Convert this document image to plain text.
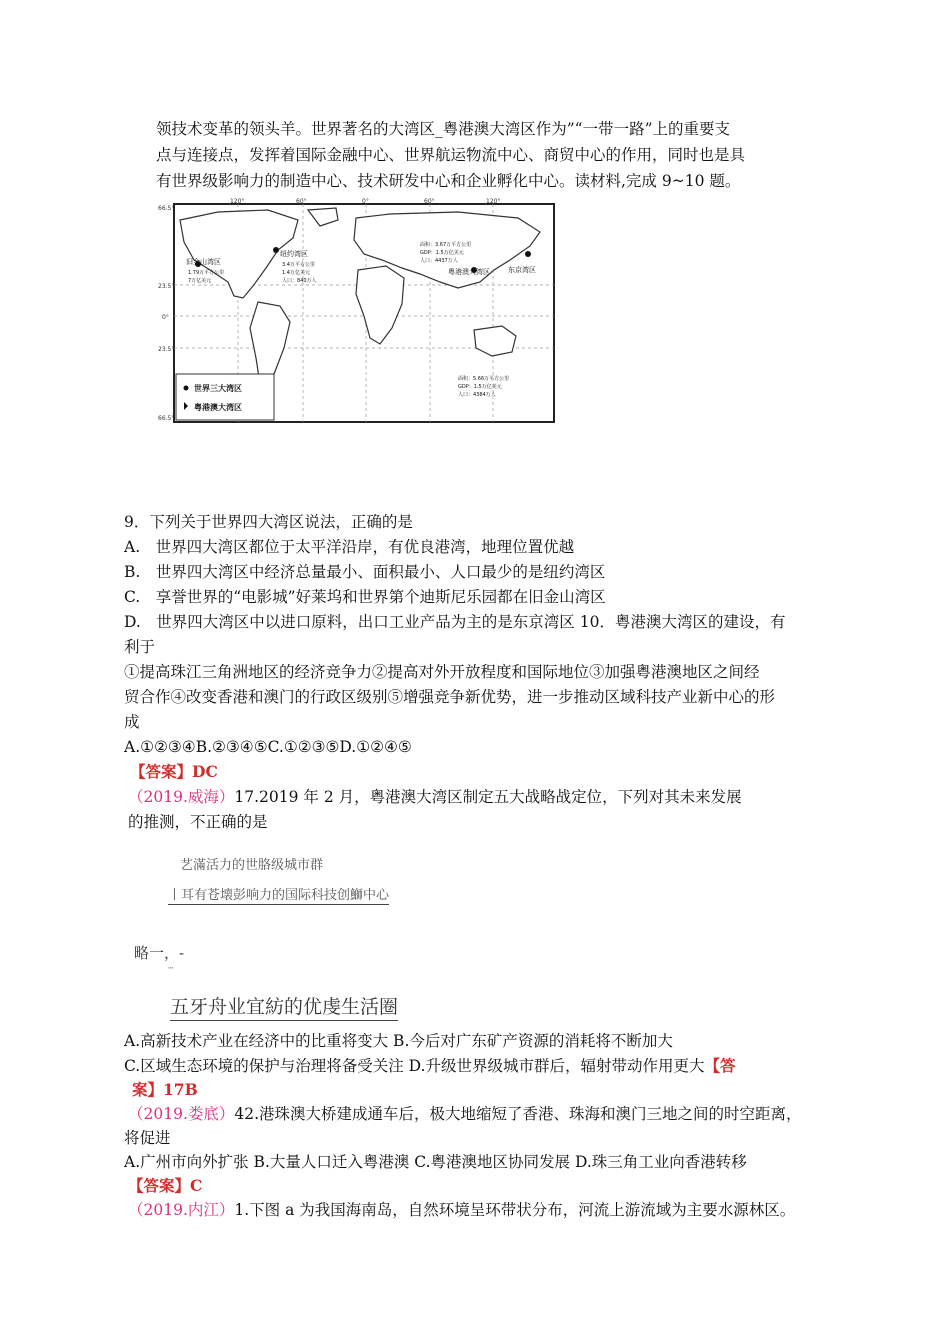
领技术变革的领头羊。世界著名的大湾区_粤港澳大湾区作为”“一带一路”上的重要支
点与连接点，发挥着国际金融中心、世界航运物流中心、商贸中心的作用，同时也是具
有世界级影响力的制造中心、技术研发中心和企业孵化中心。读材料,完成 9~10 题。
66.5°
23.5°
0°
23.5°
66.5°
120°	60°	0°	60°	120°
旧金山湾区
1.79万平方公里
7万亿美元
纽约湾区
3.4万平方公里
1.4万亿美元
人口：840万人
面积：3.67万平方公里
GDP：1.5万亿美元
人口：4437万人
粤港澳大湾区	东京湾区
面积：5.66万平方公里
GDP：1.5万亿美元
人口：4384万人
世界三大湾区
粤港澳大湾区
9．下列关于世界四大湾区说法，正确的是
A.　世界四大湾区都位于太平洋沿岸，有优良港湾，地理位置优越
B.　世界四大湾区中经济总量最小、面积最小、人口最少的是纽约湾区
C.　享誉世界的“电影城”好莱坞和世界第个迪斯尼乐园都在旧金山湾区
D.　世界四大湾区中以进口原料，出口工业产品为主的是东京湾区 10．粤港澳大湾区的建设，有
利于
①提高珠江三角洲地区的经济竞争力②提高对外开放程度和国际地位③加强粤港澳地区之间经
贸合作④改变香港和澳门的行政区级别⑤增强竞争新优势，进一步推动区域科技产业新中心的形
成
A.①②③④B.②③④⑤C.①②③⑤D.①②④⑤
【答案】DC
（2019.威海）17.2019 年 2 月，粤港澳大湾区制定五大战略战定位，下列对其未来发展
的推测，不正确的是
艺滿活力的世胳级城市群
丨耳有苍壊彭响力的国际科技创鰤中心
略一，-
┄
五牙舟业宜紡的优虔生活圈
A.高新技术产业在经济中的比重将变大 B.今后对广东矿产资源的消耗将不断加大
C.区域生态环境的保护与治理将备受关注 D.升级世界级城市群后，辐射带动作用更大【答
案】17B
（2019.娄底）42.港珠澳大桥建成通车后，极大地缩短了香港、珠海和澳门三地之间的时空距离，
将促进
A.广州市向外扩张 B.大量人口迁入粤港澳 C.粤港澳地区协同发展 D.珠三角工业向香港转移
【答案】C
（2019.内江）1.下图 a 为我国海南岛，自然环境呈环带状分布，河流上游流域为主要水源林区。
